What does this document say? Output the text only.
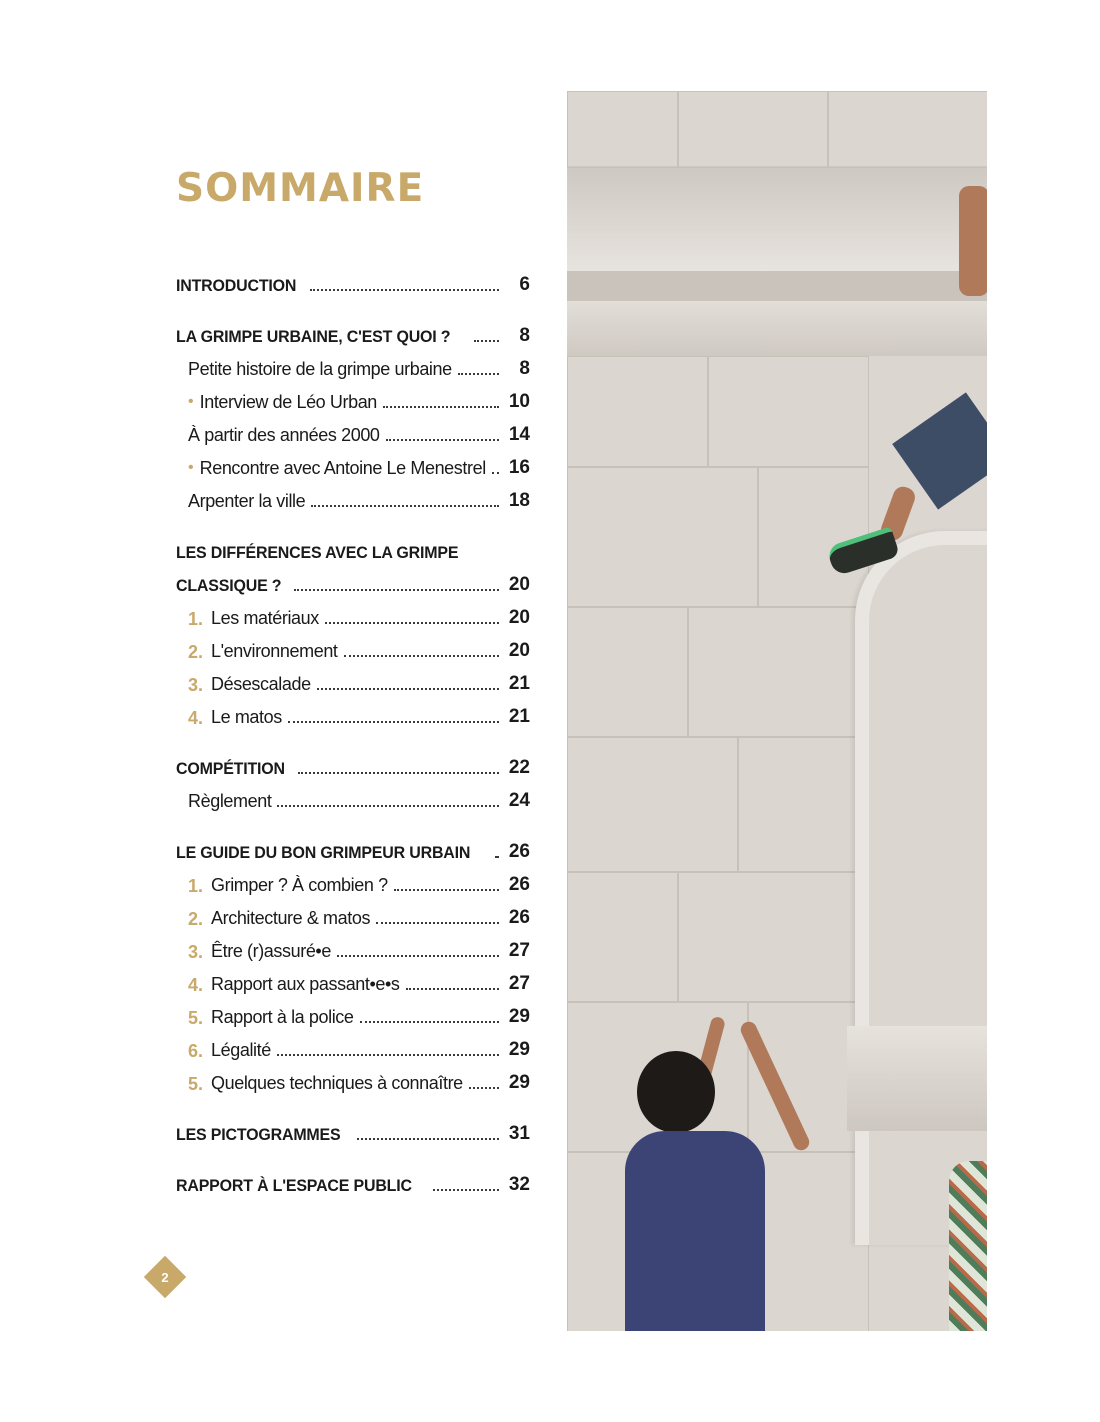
SOMMAIRE
INTRODUCTION	6
LA GRIMPE URBAINE, C'EST QUOI ?	8
Petite histoire de la grimpe urbaine	8
• Interview de Léo Urban	10
À partir des années 2000	14
• Rencontre avec Antoine Le Menestrel 16
Arpenter la ville	18
LES DIFFÉRENCES AVEC LA GRIMPE
CLASSIQUE ?	20
1. Les matériaux	20
2. L'environnement	20
3. Désescalade	21
4. Le matos	21
COMPÉTITION	22
Règlement	24
LE GUIDE DU BON GRIMPEUR URBAIN 26
1. Grimper ? À combien ?	26
2. Architecture & matos	26
3. Être (r)assuré•e	27
4. Rapport aux passant•e•s	27
5. Rapport à la police	29
6. Légalité	29
5. Quelques techniques à connaître 29
LES PICTOGRAMMES	31
RAPPORT À L'ESPACE PUBLIC	32
2
